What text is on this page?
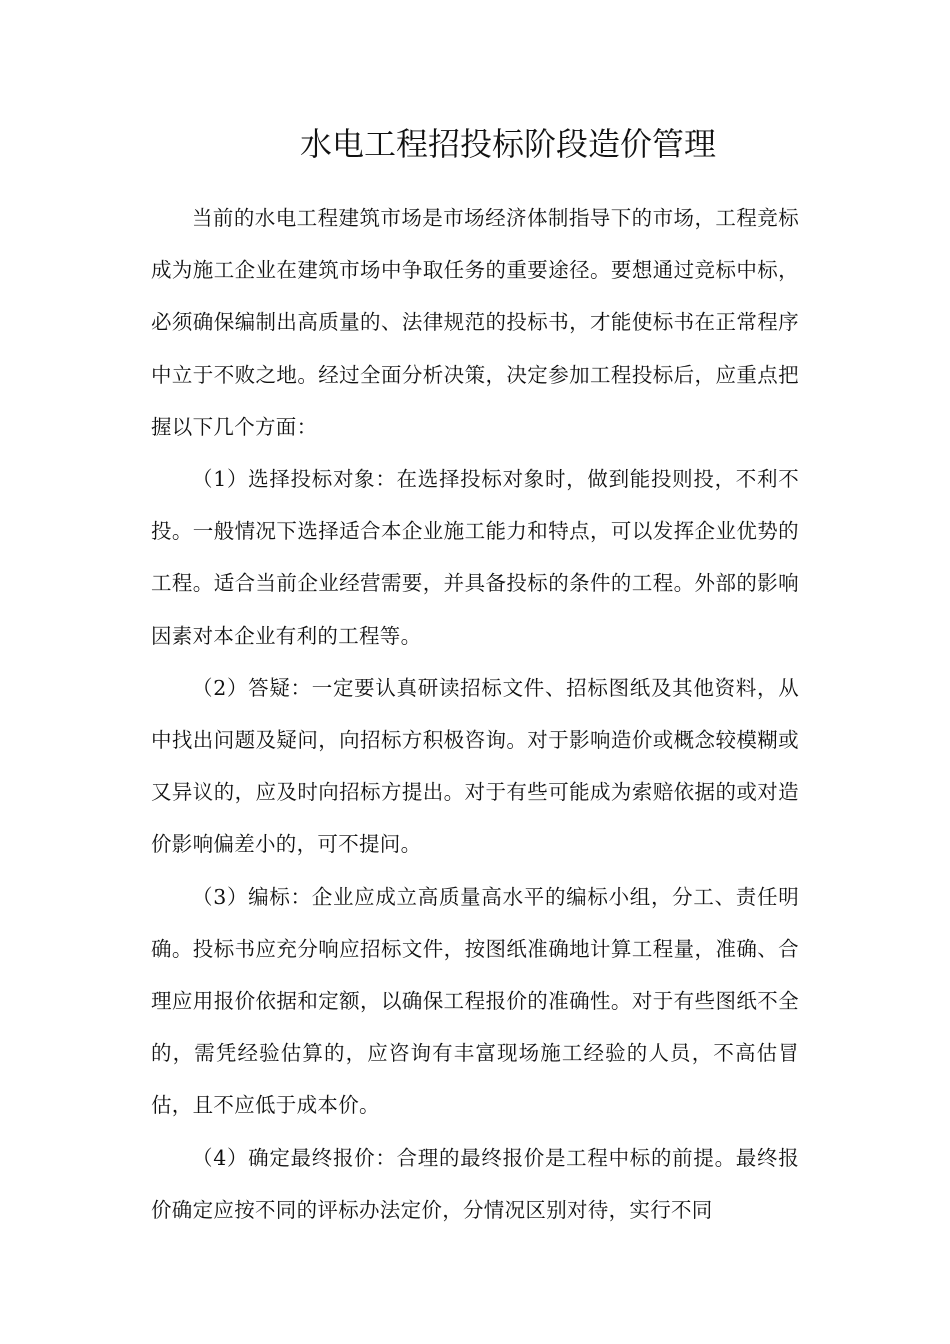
水电工程招投标阶段造价管理

当前的水电工程建筑市场是市场经济体制指导下的市场，工程竞标成为施工企业在建筑市场中争取任务的重要途径。要想通过竞标中标，必须确保编制出高质量的、法律规范的投标书，才能使标书在正常程序中立于不败之地。经过全面分析决策，决定参加工程投标后，应重点把握以下几个方面：

（1）选择投标对象：在选择投标对象时，做到能投则投，不利不投。一般情况下选择适合本企业施工能力和特点，可以发挥企业优势的工程。适合当前企业经营需要，并具备投标的条件的工程。外部的影响因素对本企业有利的工程等。

（2）答疑：一定要认真研读招标文件、招标图纸及其他资料，从中找出问题及疑问，向招标方积极咨询。对于影响造价或概念较模糊或又异议的，应及时向招标方提出。对于有些可能成为索赔依据的或对造价影响偏差小的，可不提问。

（3）编标：企业应成立高质量高水平的编标小组，分工、责任明确。投标书应充分响应招标文件，按图纸准确地计算工程量，准确、合理应用报价依据和定额，以确保工程报价的准确性。对于有些图纸不全的，需凭经验估算的，应咨询有丰富现场施工经验的人员，不高估冒估，且不应低于成本价。

（4）确定最终报价：合理的最终报价是工程中标的前提。最终报价确定应按不同的评标办法定价，分情况区别对待，实行不同
